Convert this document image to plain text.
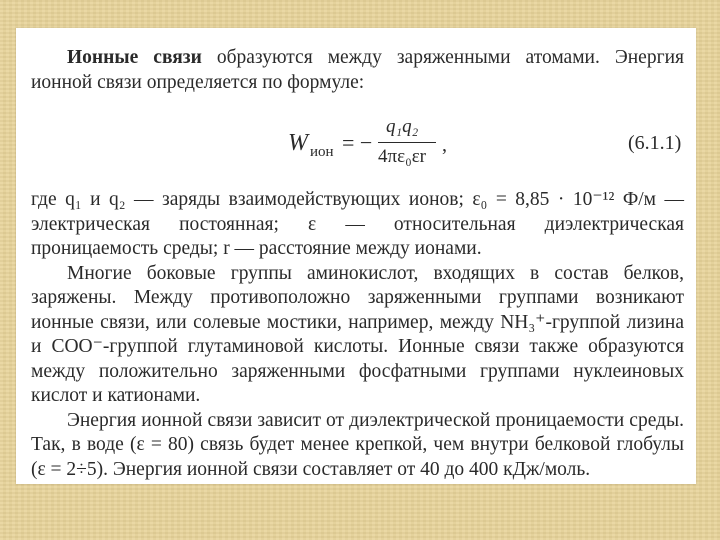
Ионные связи образуются между заряженными атомами. Энергия ионной связи определяется по формуле:

W ион = −
q₁q₂
4πε₀εr
,	(6.1.1)

где q₁ и q₂ — заряды взаимодействующих ионов; ε₀ = 8,85 · 10⁻¹² Ф/м — электрическая постоянная; ε — относительная диэлектрическая проницаемость среды; r — расстояние между ионами.

Многие боковые группы аминокислот, входящих в состав белков, заряжены. Между противоположно заряженными группами возникают ионные связи, или солевые мостики, например, между NH₃⁺-группой лизина и COO⁻-группой глутаминовой кислоты. Ионные связи также образуются между положительно заряженными фосфатными группами нуклеиновых кислот и катионами.

Энергия ионной связи зависит от диэлектрической проницаемости среды. Так, в воде (ε = 80) связь будет менее крепкой, чем внутри белковой глобулы (ε = 2÷5). Энергия ионной связи составляет от 40 до 400 кДж/моль.
